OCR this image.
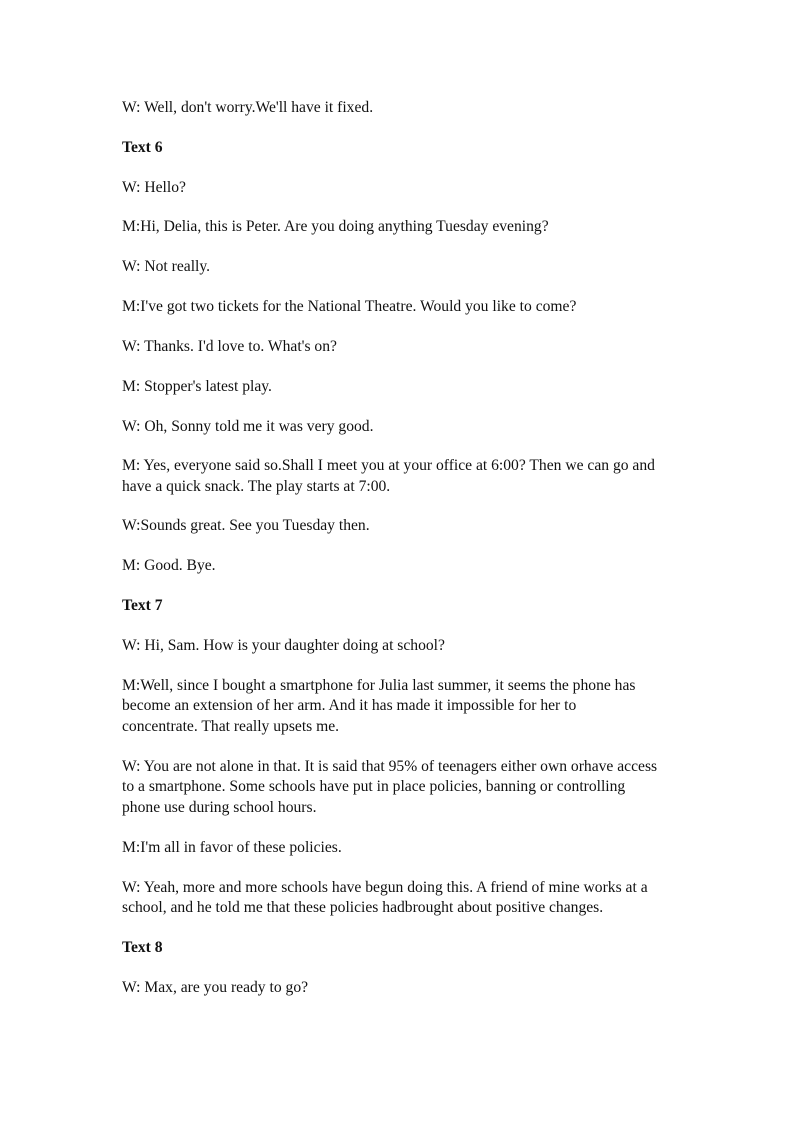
W: Well, don't worry.We'll have it fixed.
Text 6
W: Hello?
M:Hi, Delia, this is Peter. Are you doing anything Tuesday evening?
W: Not really.
M:I've got two tickets for the National Theatre. Would you like to come?
W: Thanks. I'd love to. What's on?
M: Stopper's latest play.
W: Oh, Sonny told me it was very good.
M: Yes, everyone said so.Shall I meet you at your office at 6:00? Then we can go and
have a quick snack. The play starts at 7:00.
W:Sounds great. See you Tuesday then.
M: Good. Bye.
Text 7
W: Hi, Sam. How is your daughter doing at school?
M:Well, since I bought a smartphone for Julia last summer, it seems the phone has
become an extension of her arm. And it has made it impossible for her to
concentrate. That really upsets me.
W: You are not alone in that. It is said that 95% of teenagers either own orhave access
to a smartphone. Some schools have put in place policies, banning or controlling
phone use during school hours.
M:I'm all in favor of these policies.
W: Yeah, more and more schools have begun doing this. A friend of mine works at a
school, and he told me that these policies hadbrought about positive changes.
Text 8
W: Max, are you ready to go?
